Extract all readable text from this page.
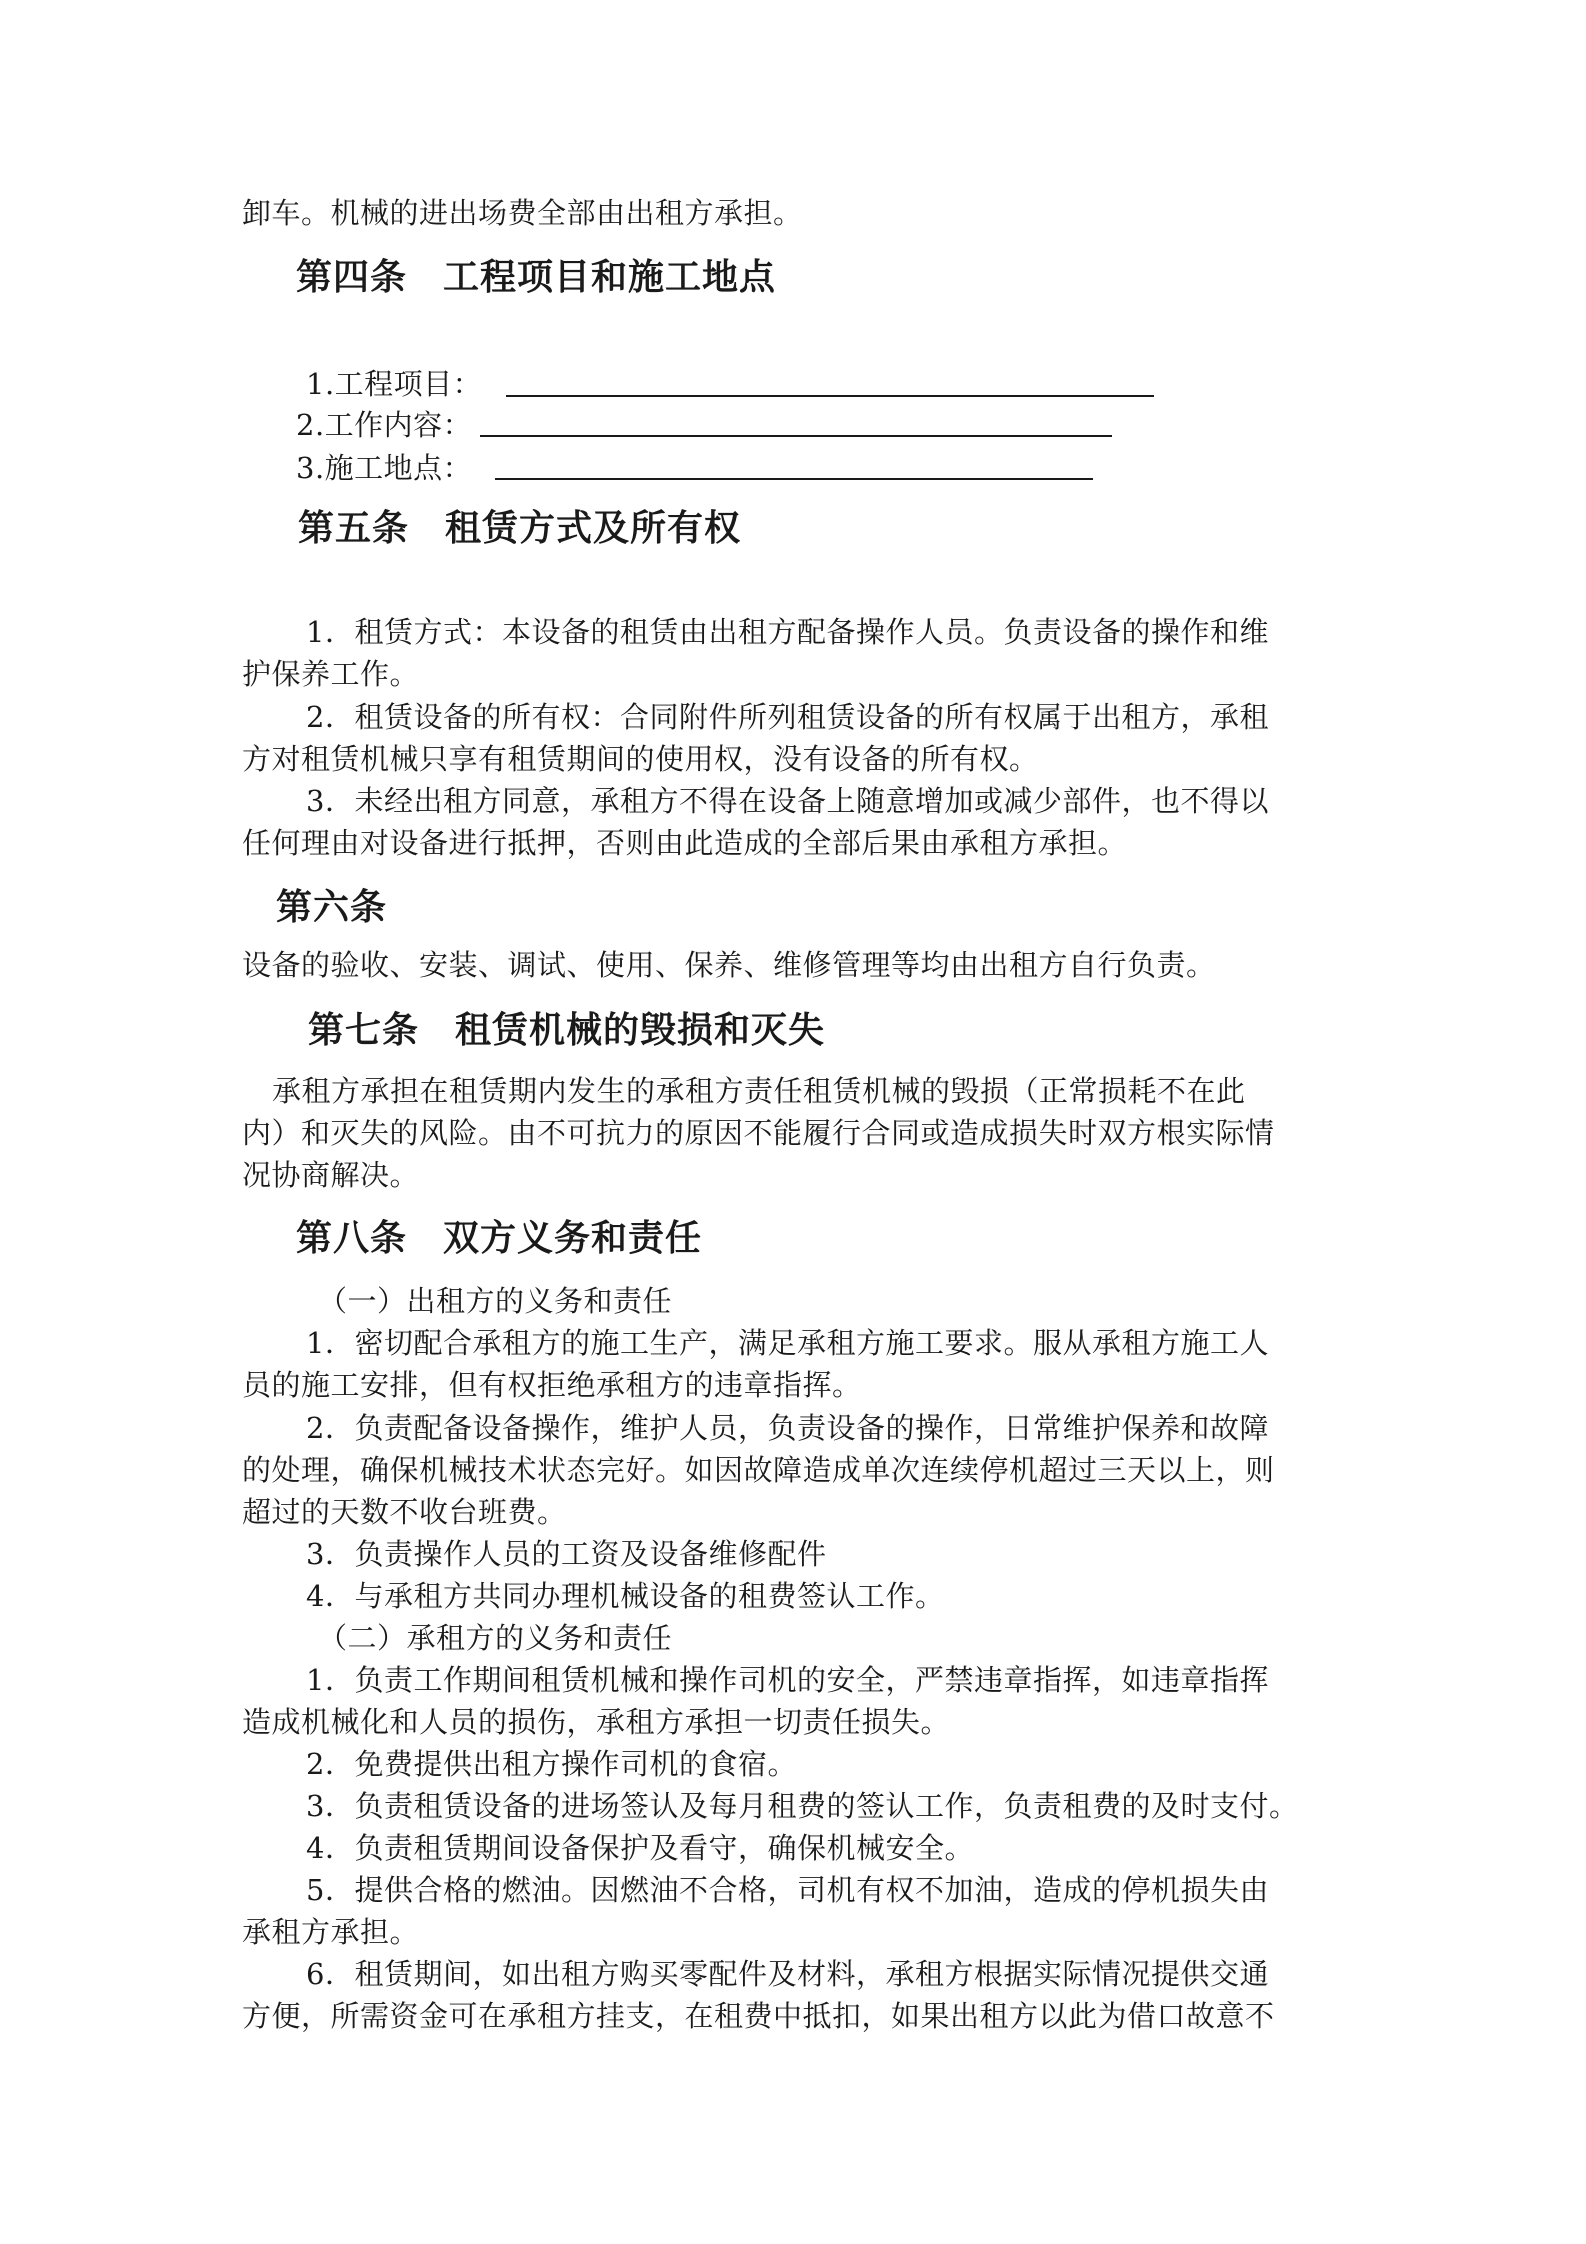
卸车。机械的进出场费全部由出租方承担。
第四条 工程项目和施工地点
1.工程项目：
2.工作内容：
3.施工地点：
第五条 租赁方式及所有权
1．租赁方式：本设备的租赁由出租方配备操作人员。负责设备的操作和维
护保养工作。
2．租赁设备的所有权：合同附件所列租赁设备的所有权属于出租方，承租
方对租赁机械只享有租赁期间的使用权，没有设备的所有权。
3．未经出租方同意，承租方不得在设备上随意增加或减少部件，也不得以
任何理由对设备进行抵押，否则由此造成的全部后果由承租方承担。
第六条
设备的验收、安装、调试、使用、保养、维修管理等均由出租方自行负责。
第七条 租赁机械的毁损和灭失
承租方承担在租赁期内发生的承租方责任租赁机械的毁损（正常损耗不在此
内）和灭失的风险。由不可抗力的原因不能履行合同或造成损失时双方根实际情
况协商解决。
第八条 双方义务和责任
（一）出租方的义务和责任
1．密切配合承租方的施工生产，满足承租方施工要求。服从承租方施工人
员的施工安排，但有权拒绝承租方的违章指挥。
2．负责配备设备操作，维护人员，负责设备的操作，日常维护保养和故障
的处理，确保机械技术状态完好。如因故障造成单次连续停机超过三天以上，则
超过的天数不收台班费。
3．负责操作人员的工资及设备维修配件
4．与承租方共同办理机械设备的租费签认工作。
（二）承租方的义务和责任
1．负责工作期间租赁机械和操作司机的安全，严禁违章指挥，如违章指挥
造成机械化和人员的损伤，承租方承担一切责任损失。
2．免费提供出租方操作司机的食宿。
3．负责租赁设备的进场签认及每月租费的签认工作，负责租费的及时支付。
4．负责租赁期间设备保护及看守，确保机械安全。
5．提供合格的燃油。因燃油不合格，司机有权不加油，造成的停机损失由
承租方承担。
6．租赁期间，如出租方购买零配件及材料，承租方根据实际情况提供交通
方便，所需资金可在承租方挂支，在租费中抵扣，如果出租方以此为借口故意不
